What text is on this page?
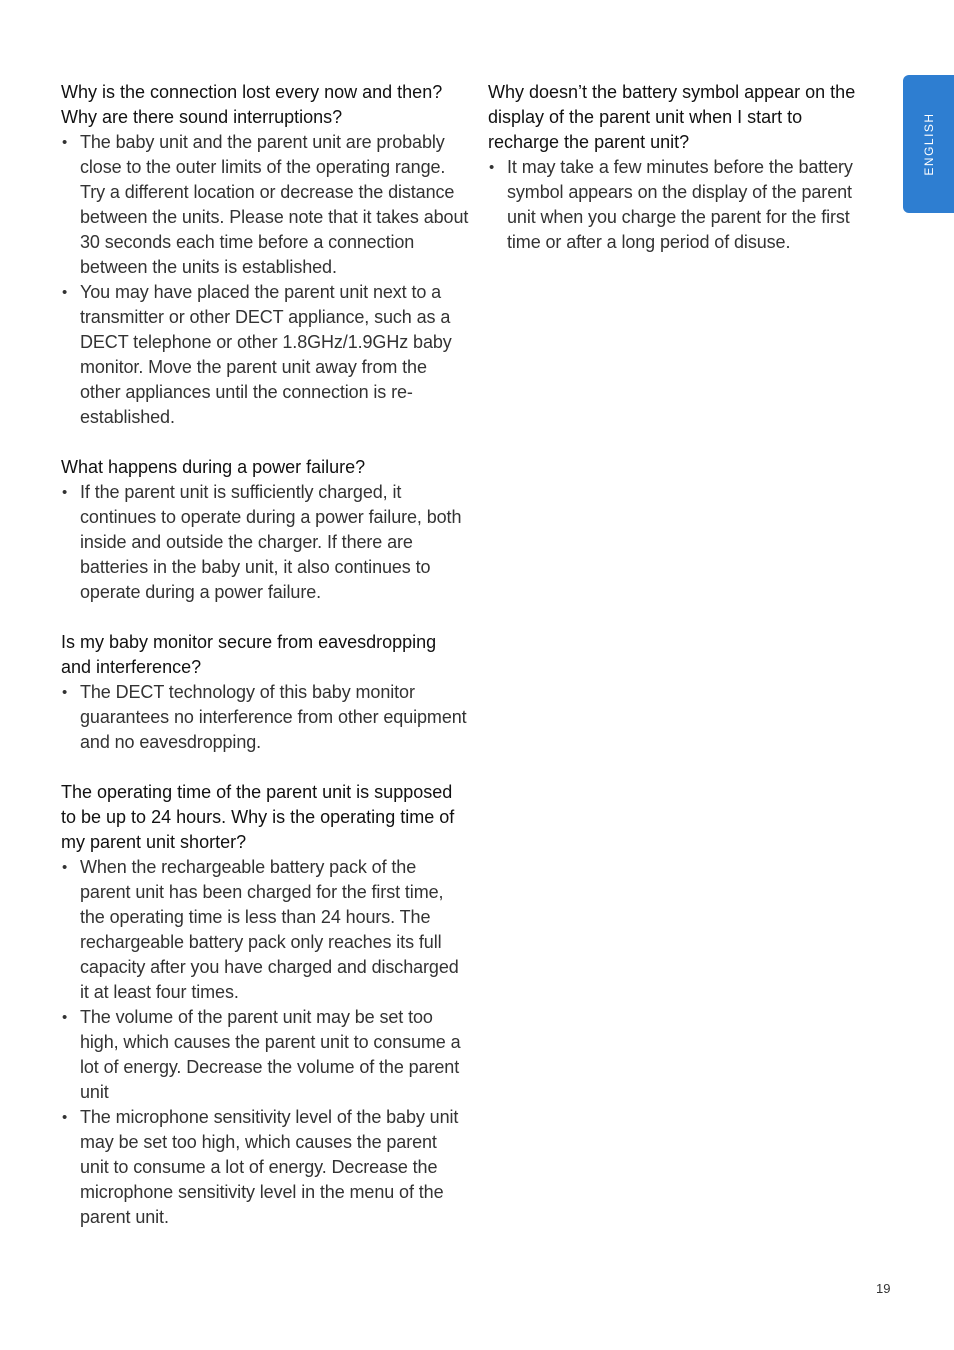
Why is the connection lost every now and then? Why are there sound interruptions?

• The baby unit and the parent unit are probably close to the outer limits of the operating range. Try a different location or decrease the distance between the units. Please note that it takes about 30 seconds each time before a connection between the units is established.
• You may have placed the parent unit next to a transmitter or other DECT appliance, such as a DECT telephone or other 1.8GHz/1.9GHz baby monitor. Move the parent unit away from the other appliances until the connection is re-established.

What happens during a power failure?

• If the parent unit is sufficiently charged, it continues to operate during a power failure, both inside and outside the charger. If there are batteries in the baby unit, it also continues to operate during a power failure.

Is my baby monitor secure from eavesdropping and interference?

• The DECT technology of this baby monitor guarantees no interference from other equipment and no eavesdropping.

The operating time of the parent unit is supposed to be up to 24 hours. Why is the operating time of my parent unit shorter?

• When the rechargeable battery pack of the parent unit has been charged for the first time, the operating time is less than 24 hours. The rechargeable battery pack only reaches its full capacity after you have charged and discharged it at least four times.
• The volume of the parent unit may be set too high, which causes the parent unit to consume a lot of energy. Decrease the volume of the parent unit
• The microphone sensitivity level of the baby unit may be set too high, which causes the parent unit to consume a lot of energy. Decrease the microphone sensitivity level in the menu of the parent unit.

Why doesn’t the battery symbol appear on the display of the parent unit when I start to recharge the parent unit?

• It may take a few minutes before the battery symbol appears on the display of the parent unit when you charge the parent for the first time or after a long period of disuse.
ENGLISH
19
